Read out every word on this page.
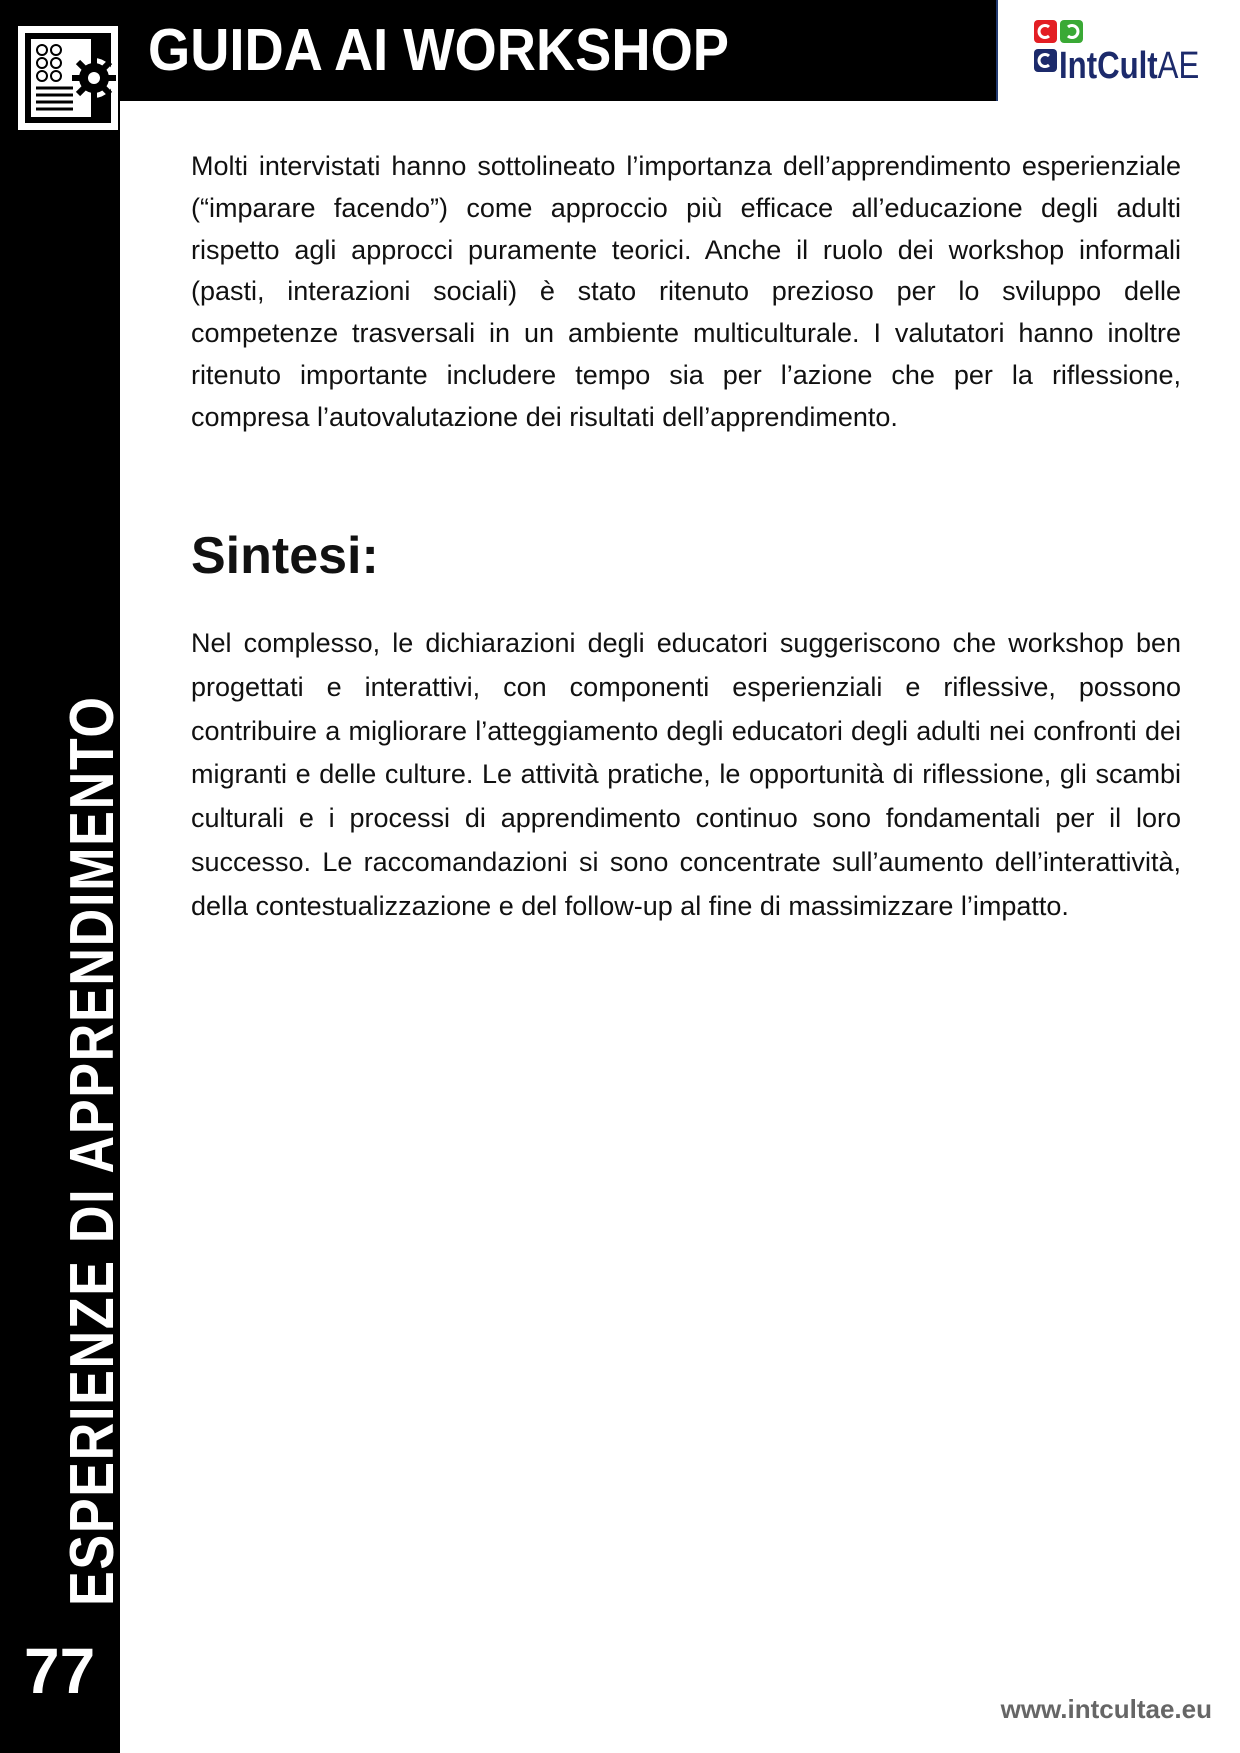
GUIDA AI WORKSHOP	IntCultAE
ESPERIENZE DI APPRENDIMENTO
77
Molti intervistati hanno sottolineato l’importanza dell’apprendimento esperienziale (“imparare facendo”) come approccio più efficace all’educazione degli adulti rispetto agli approcci puramente teorici. Anche il ruolo dei workshop informali (pasti, interazioni sociali) è stato ritenuto prezioso per lo sviluppo delle competenze trasversali in un ambiente multiculturale. I valutatori hanno inoltre ritenuto importante includere tempo sia per l’azione che per la riflessione, compresa l’autovalutazione dei risultati dell’apprendimento.
Sintesi:
Nel complesso, le dichiarazioni degli educatori suggeriscono che workshop ben progettati e interattivi, con componenti esperienziali e riflessive, possono contribuire a migliorare l’atteggiamento degli educatori degli adulti nei confronti dei migranti e delle culture. Le attività pratiche, le opportunità di riflessione, gli scambi culturali e i processi di apprendimento continuo sono fondamentali per il loro successo. Le raccomandazioni si sono concentrate sull’aumento dell’interattività, della contestualizzazione e del follow-up al fine di massimizzare l’impatto.
www.intcultae.eu
